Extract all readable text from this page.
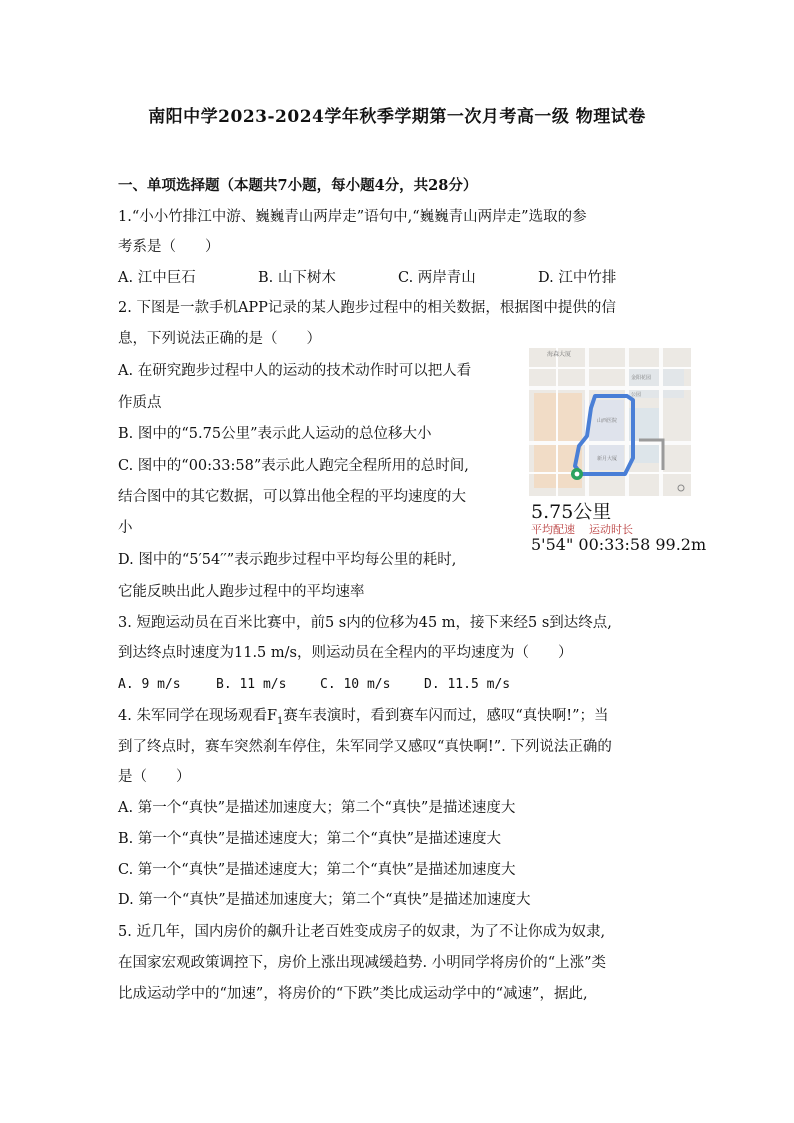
南阳中学2023-2024学年秋季学期第一次月考高一级 物理试卷
一、单项选择题（本题共7小题，每小题4分，共28分）
1.“小小竹排江中游、巍巍青山两岸走”语句中,“巍巍青山两岸走”选取的参
考系是（　　）
A. 江中巨石	B. 山下树木	C. 两岸青山	D. 江中竹排
2. 下图是一款手机APP记录的某人跑步过程中的相关数据，根据图中提供的信
息，下列说法正确的是（　　）
A. 在研究跑步过程中人的运动的技术动作时可以把人看
作质点
B. 图中的“5.75公里”表示此人运动的总位移大小
C. 图中的“00:33:58”表示此人跑完全程所用的总时间,
结合图中的其它数据，可以算出他全程的平均速度的大
小
D. 图中的“5′54′′”表示跑步过程中平均每公里的耗时,
它能反映出此人跑步过程中的平均速率
海森大厦
金阳花园
公园
山西医院
新月大厦
5.75公里
平均配速 运动时长
5'54" 00:33:58 99.2m
3. 短跑运动员在百米比赛中，前5 s内的位移为45 m，接下来经5 s到达终点,
到达终点时速度为11.5 m/s，则运动员在全程内的平均速度为（　　）
A. 9 m/s	B. 11 m/s	C. 10 m/s	D. 11.5 m/s
4. 朱军同学在现场观看$F_1$赛车表演时，看到赛车闪而过，感叹“真快啊!”；当
到了终点时，赛车突然刹车停住，朱军同学又感叹“真快啊!”. 下列说法正确的
是（　　）
A. 第一个“真快”是描述加速度大；第二个“真快”是描述速度大
B. 第一个“真快”是描述速度大；第二个“真快”是描述速度大
C. 第一个“真快”是描述速度大；第二个“真快”是描述加速度大
D. 第一个“真快”是描述加速度大；第二个“真快”是描述加速度大
5. 近几年，国内房价的飙升让老百姓变成房子的奴隶，为了不让你成为奴隶,
在国家宏观政策调控下，房价上涨出现减缓趋势. 小明同学将房价的“上涨”类
比成运动学中的“加速”，将房价的“下跌”类比成运动学中的“减速”，据此,
